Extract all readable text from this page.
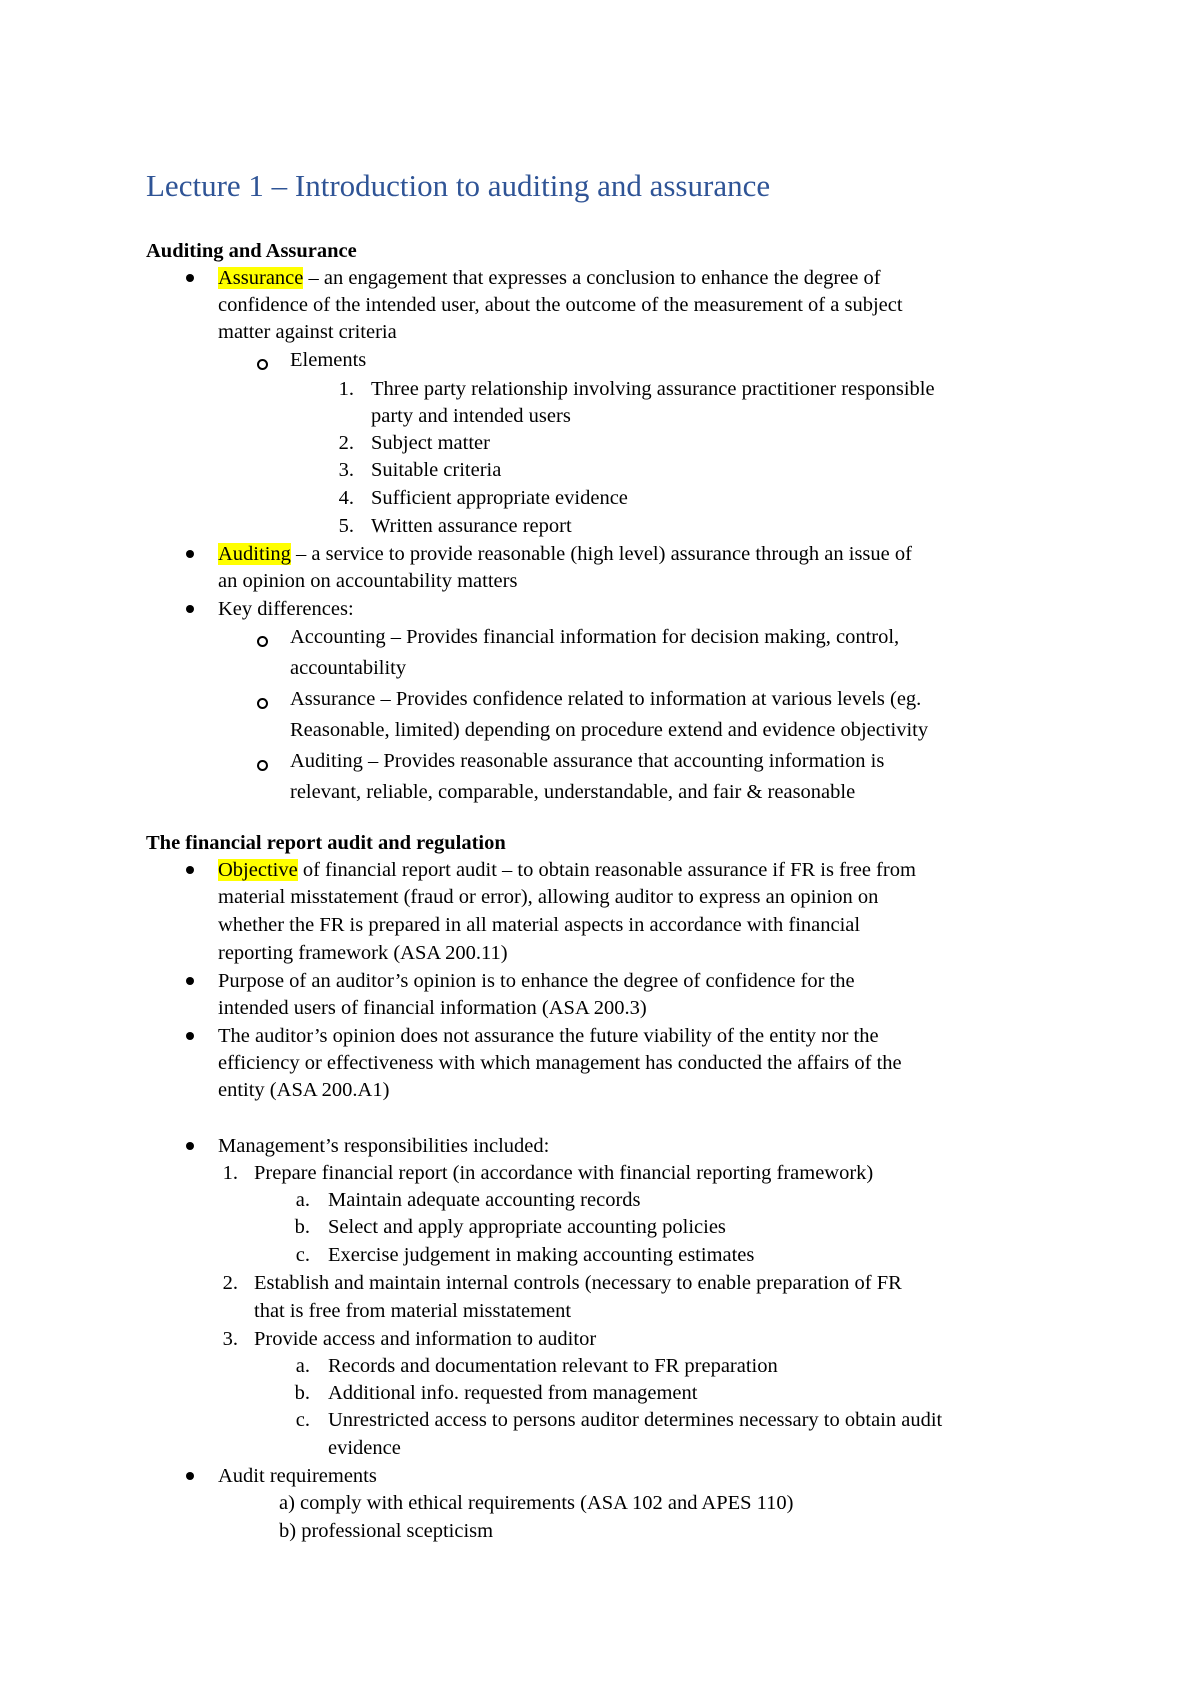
Lecture 1 – Introduction to auditing and assurance

Auditing and Assurance

Assurance – an engagement that expresses a conclusion to enhance the degree of

confidence of the intended user, about the outcome of the measurement of a subject

matter against criteria

Elements

1. Three party relationship involving assurance practitioner responsible

party and intended users

2. Subject matter

3. Suitable criteria

4. Sufficient appropriate evidence

5. Written assurance report

Auditing – a service to provide reasonable (high level) assurance through an issue of

an opinion on accountability matters

Key differences:

Accounting – Provides financial information for decision making, control,

accountability

Assurance – Provides confidence related to information at various levels (eg.

Reasonable, limited) depending on procedure extend and evidence objectivity

Auditing – Provides reasonable assurance that accounting information is

relevant, reliable, comparable, understandable, and fair & reasonable

The financial report audit and regulation

Objective of financial report audit – to obtain reasonable assurance if FR is free from

material misstatement (fraud or error), allowing auditor to express an opinion on

whether the FR is prepared in all material aspects in accordance with financial

reporting framework (ASA 200.11)

Purpose of an auditor’s opinion is to enhance the degree of confidence for the

intended users of financial information (ASA 200.3)

The auditor’s opinion does not assurance the future viability of the entity nor the

efficiency or effectiveness with which management has conducted the affairs of the

entity (ASA 200.A1)

Management’s responsibilities included:

1. Prepare financial report (in accordance with financial reporting framework)

a. Maintain adequate accounting records

b. Select and apply appropriate accounting policies

c. Exercise judgement in making accounting estimates

2. Establish and maintain internal controls (necessary to enable preparation of FR

that is free from material misstatement

3. Provide access and information to auditor

a. Records and documentation relevant to FR preparation

b. Additional info. requested from management

c. Unrestricted access to persons auditor determines necessary to obtain audit

evidence

Audit requirements

a) comply with ethical requirements (ASA 102 and APES 110)

b) professional scepticism
